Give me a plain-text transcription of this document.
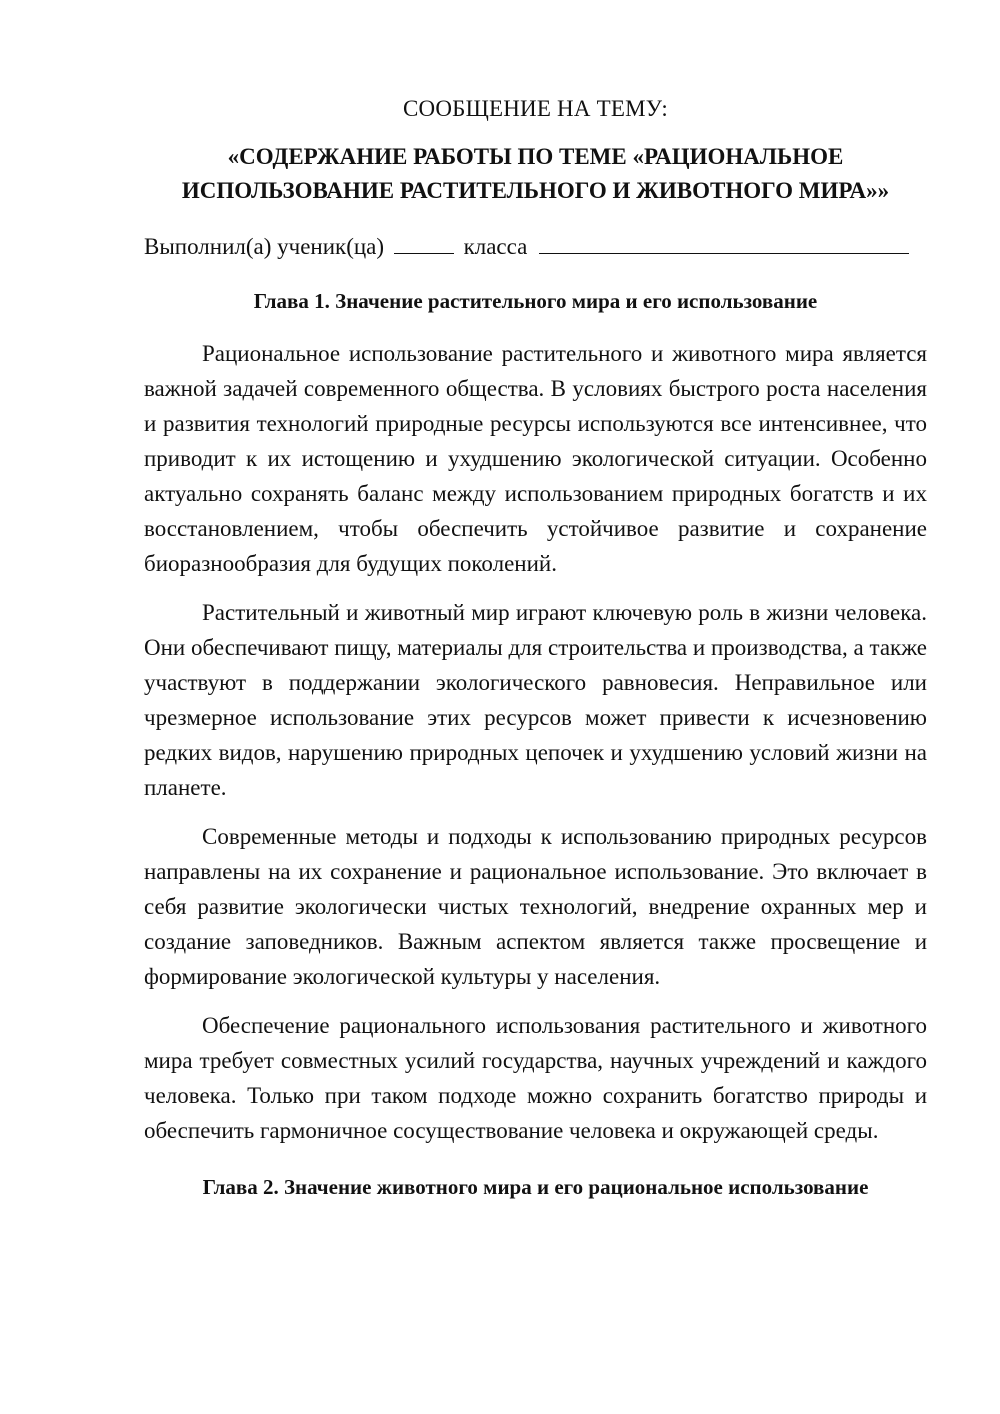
СООБЩЕНИЕ НА ТЕМУ:

«СОДЕРЖАНИЕ РАБОТЫ ПО ТЕМЕ «РАЦИОНАЛЬНОЕ
ИСПОЛЬЗОВАНИЕ РАСТИТЕЛЬНОГО И ЖИВОТНОГО МИРА»»

Выполнил(а) ученик(ца)	класса

Глава 1. Значение растительного мира и его использование

Рациональное использование растительного и животного мира является важной задачей современного общества. В условиях быстрого роста населения и развития технологий природные ресурсы используются все интенсивнее, что приводит к их истощению и ухудшению экологической ситуации. Особенно актуально сохранять баланс между использованием природных богатств и их восстановлением, чтобы обеспечить устойчивое развитие и сохранение биоразнообразия для будущих поколений.

Растительный и животный мир играют ключевую роль в жизни человека. Они обеспечивают пищу, материалы для строительства и производства, а также участвуют в поддержании экологического равновесия. Неправильное или чрезмерное использование этих ресурсов может привести к исчезновению редких видов, нарушению природных цепочек и ухудшению условий жизни на планете.

Современные методы и подходы к использованию природных ресурсов направлены на их сохранение и рациональное использование. Это включает в себя развитие экологически чистых технологий, внедрение охранных мер и создание заповедников. Важным аспектом является также просвещение и формирование экологической культуры у населения.

Обеспечение рационального использования растительного и животного мира требует совместных усилий государства, научных учреждений и каждого человека. Только при таком подходе можно сохранить богатство природы и обеспечить гармоничное сосуществование человека и окружающей среды.

Глава 2. Значение животного мира и его рациональное использование
